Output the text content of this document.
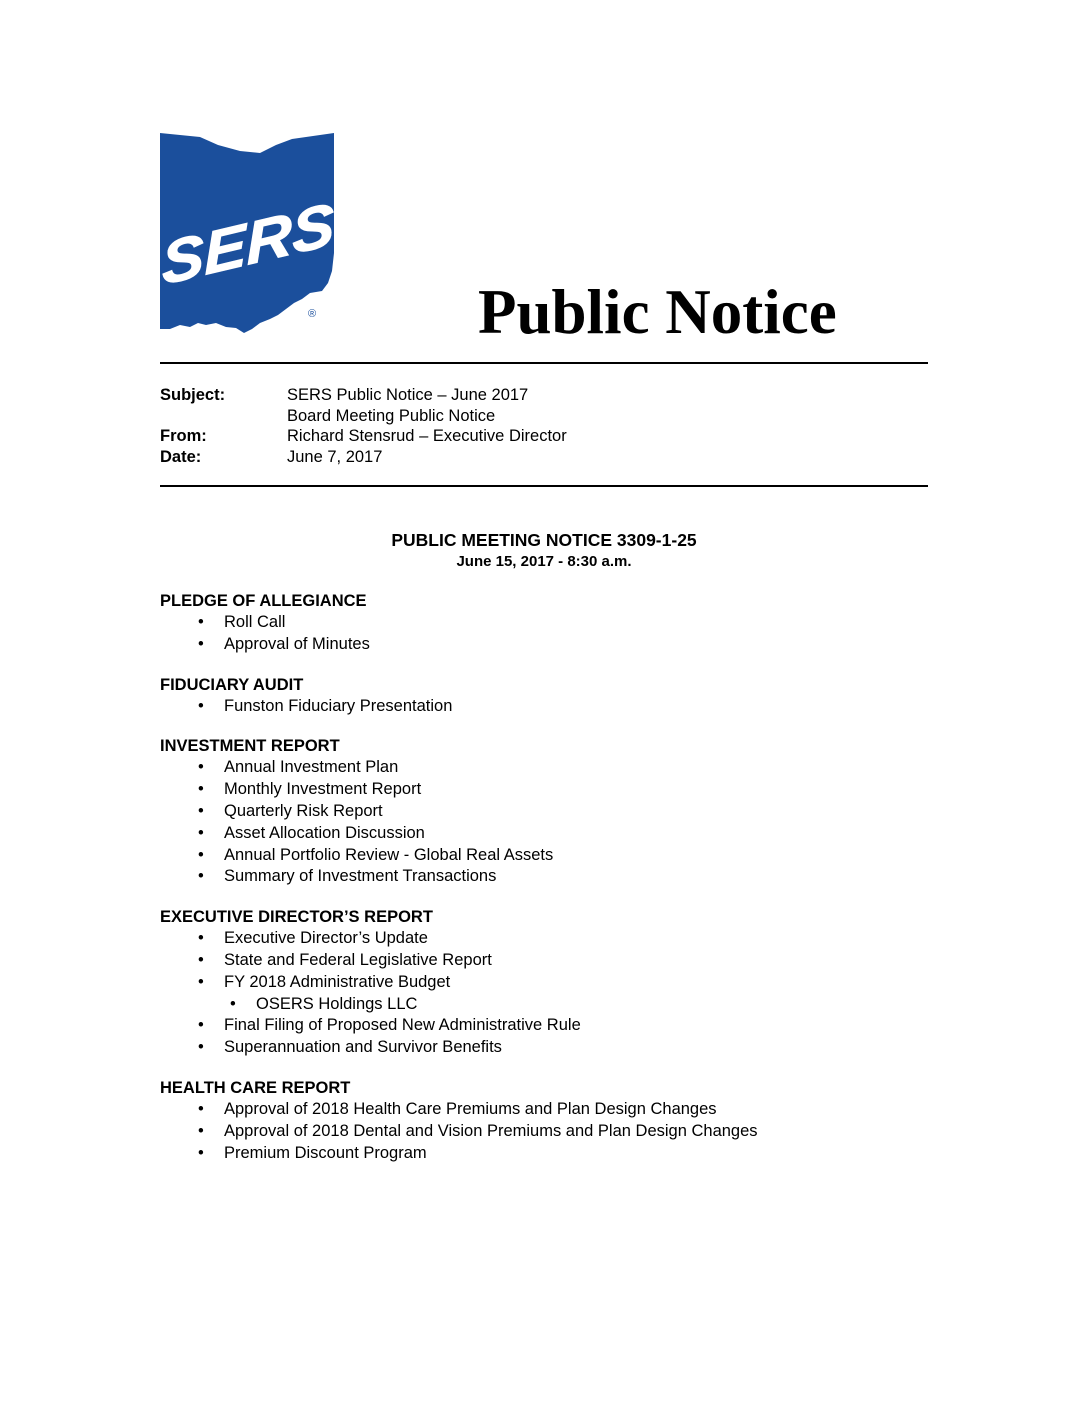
SERS
®	Public Notice
Subject:	SERS Public Notice – June 2017
Board Meeting Public Notice
From:	Richard Stensrud – Executive Director
Date:	June 7, 2017
PUBLIC MEETING NOTICE 3309-1-25
June 15, 2017 - 8:30 a.m.
PLEDGE OF ALLEGIANCE
• Roll Call
• Approval of Minutes
FIDUCIARY AUDIT
• Funston Fiduciary Presentation
INVESTMENT REPORT
• Annual Investment Plan
• Monthly Investment Report
• Quarterly Risk Report
• Asset Allocation Discussion
• Annual Portfolio Review - Global Real Assets
• Summary of Investment Transactions
EXECUTIVE DIRECTOR’S REPORT
• Executive Director’s Update
• State and Federal Legislative Report
• FY 2018 Administrative Budget
• OSERS Holdings LLC
• Final Filing of Proposed New Administrative Rule
• Superannuation and Survivor Benefits
HEALTH CARE REPORT
• Approval of 2018 Health Care Premiums and Plan Design Changes
• Approval of 2018 Dental and Vision Premiums and Plan Design Changes
• Premium Discount Program
